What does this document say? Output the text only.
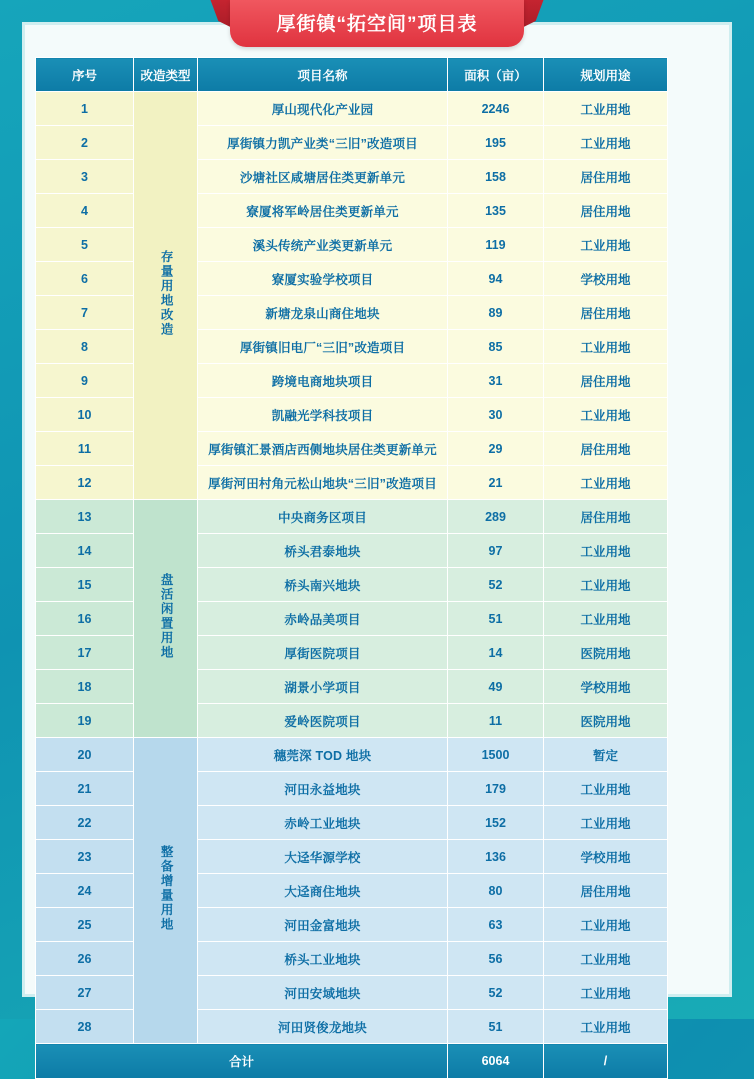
厚街镇“拓空间”项目表
序号	改造类型	项目名称	面积（亩）	规划用途
1	存量用地改造	厚山现代化产业园	2246	工业用地
2		厚街镇力凯产业类“三旧”改造项目	195	工业用地
3		沙塘社区咸塘居住类更新单元	158	居住用地
4		寮厦将军岭居住类更新单元	135	居住用地
5		溪头传统产业类更新单元	119	工业用地
6		寮厦实验学校项目	94	学校用地
7		新塘龙泉山商住地块	89	居住用地
8		厚街镇旧电厂“三旧”改造项目	85	工业用地
9		跨境电商地块项目	31	居住用地
10		凯融光学科技项目	30	工业用地
11		厚街镇汇景酒店西侧地块居住类更新单元	29	居住用地
12		厚街河田村角元松山地块“三旧”改造项目	21	工业用地
13	盘活闲置用地	中央商务区项目	289	居住用地
14		桥头君泰地块	97	工业用地
15		桥头南兴地块	52	工业用地
16		赤岭品美项目	51	工业用地
17		厚街医院项目	14	医院用地
18		湖景小学项目	49	学校用地
19		爱岭医院项目	11	医院用地
20	整备增量用地	穗莞深 TOD 地块	1500	暂定
21		河田永益地块	179	工业用地
22		赤岭工业地块	152	工业用地
23		大迳华源学校	136	学校用地
24		大迳商住地块	80	居住用地
25		河田金富地块	63	工业用地
26		桥头工业地块	56	工业用地
27		河田安域地块	52	工业用地
28		河田贤俊龙地块	51	工业用地
合计			6064	/
